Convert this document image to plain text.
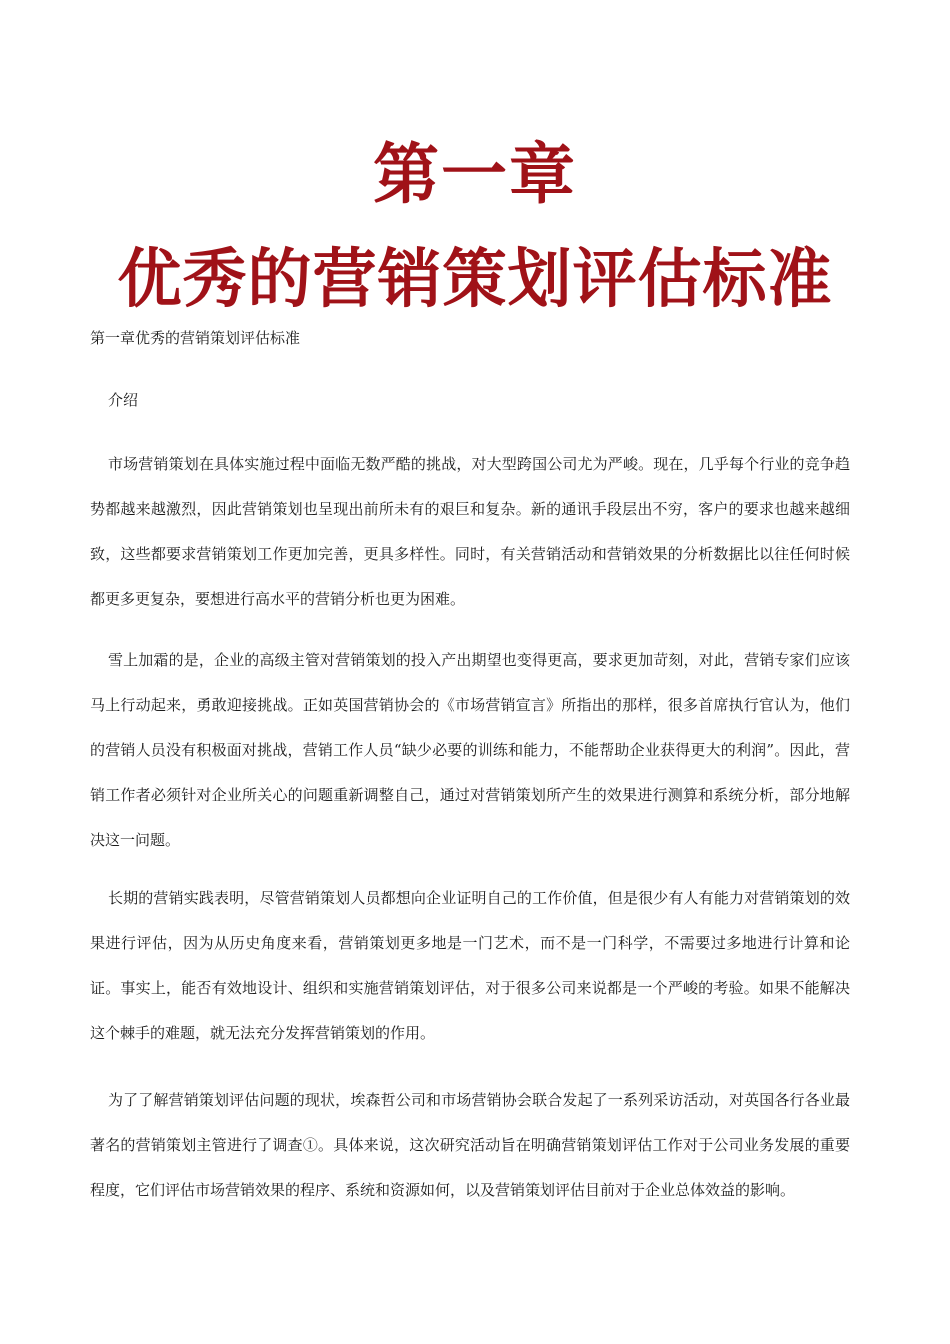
第一章
优秀的营销策划评估标准

第一章优秀的营销策划评估标准

介绍

市场营销策划在具体实施过程中面临无数严酷的挑战，对大型跨国公司尤为严峻。现在，几乎每个行业的竞争趋势都越来越激烈，因此营销策划也呈现出前所未有的艰巨和复杂。新的通讯手段层出不穷，客户的要求也越来越细致，这些都要求营销策划工作更加完善，更具多样性。同时，有关营销活动和营销效果的分析数据比以往任何时候都更多更复杂，要想进行高水平的营销分析也更为困难。

雪上加霜的是，企业的高级主管对营销策划的投入产出期望也变得更高，要求更加苛刻，对此，营销专家们应该马上行动起来，勇敢迎接挑战。正如英国营销协会的《市场营销宣言》所指出的那样，很多首席执行官认为，他们的营销人员没有积极面对挑战，营销工作人员“缺少必要的训练和能力，不能帮助企业获得更大的利润”。因此，营销工作者必须针对企业所关心的问题重新调整自己，通过对营销策划所产生的效果进行测算和系统分析，部分地解决这一问题。

长期的营销实践表明，尽管营销策划人员都想向企业证明自己的工作价值，但是很少有人有能力对营销策划的效果进行评估，因为从历史角度来看，营销策划更多地是一门艺术，而不是一门科学，不需要过多地进行计算和论证。事实上，能否有效地设计、组织和实施营销策划评估，对于很多公司来说都是一个严峻的考验。如果不能解决这个棘手的难题，就无法充分发挥营销策划的作用。

为了了解营销策划评估问题的现状，埃森哲公司和市场营销协会联合发起了一系列采访活动，对英国各行各业最著名的营销策划主管进行了调查①。具体来说，这次研究活动旨在明确营销策划评估工作对于公司业务发展的重要程度，它们评估市场营销效果的程序、系统和资源如何，以及营销策划评估目前对于企业总体效益的影响。
